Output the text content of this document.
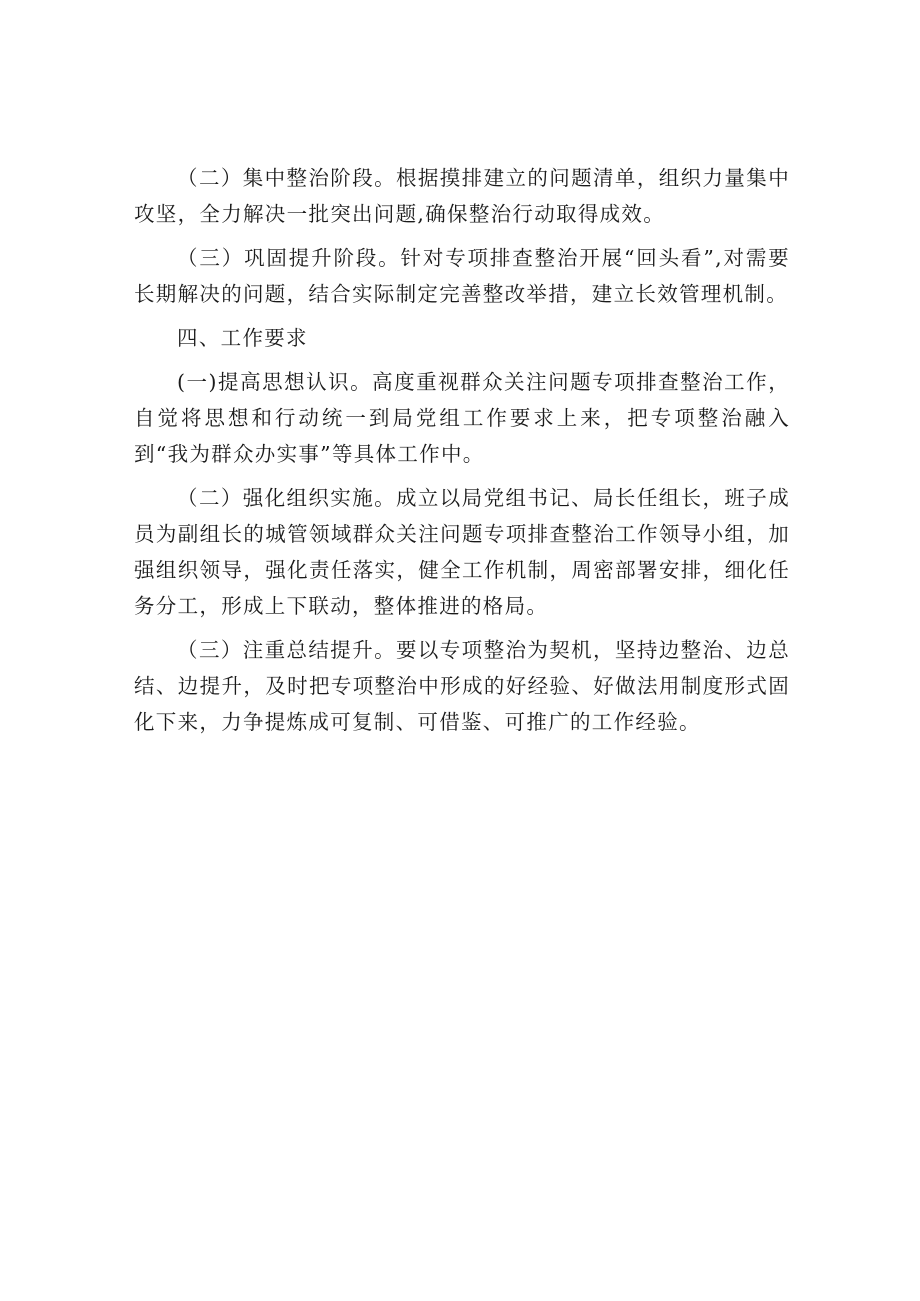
（二）集中整治阶段。根据摸排建立的问题清单，组织力量集中攻坚，全力解决一批突出问题,确保整治行动取得成效。

（三）巩固提升阶段。针对专项排查整治开展“回头看”,对需要长期解决的问题，结合实际制定完善整改举措，建立长效管理机制。

四、工作要求

(一)提高思想认识。高度重视群众关注问题专项排查整治工作，自觉将思想和行动统一到局党组工作要求上来，把专项整治融入到“我为群众办实事”等具体工作中。

（二）强化组织实施。成立以局党组书记、局长任组长，班子成员为副组长的城管领域群众关注问题专项排查整治工作领导小组，加强组织领导，强化责任落实，健全工作机制，周密部署安排，细化任务分工，形成上下联动，整体推进的格局。

（三）注重总结提升。要以专项整治为契机，坚持边整治、边总结、边提升，及时把专项整治中形成的好经验、好做法用制度形式固化下来，力争提炼成可复制、可借鉴、可推广的工作经验。
